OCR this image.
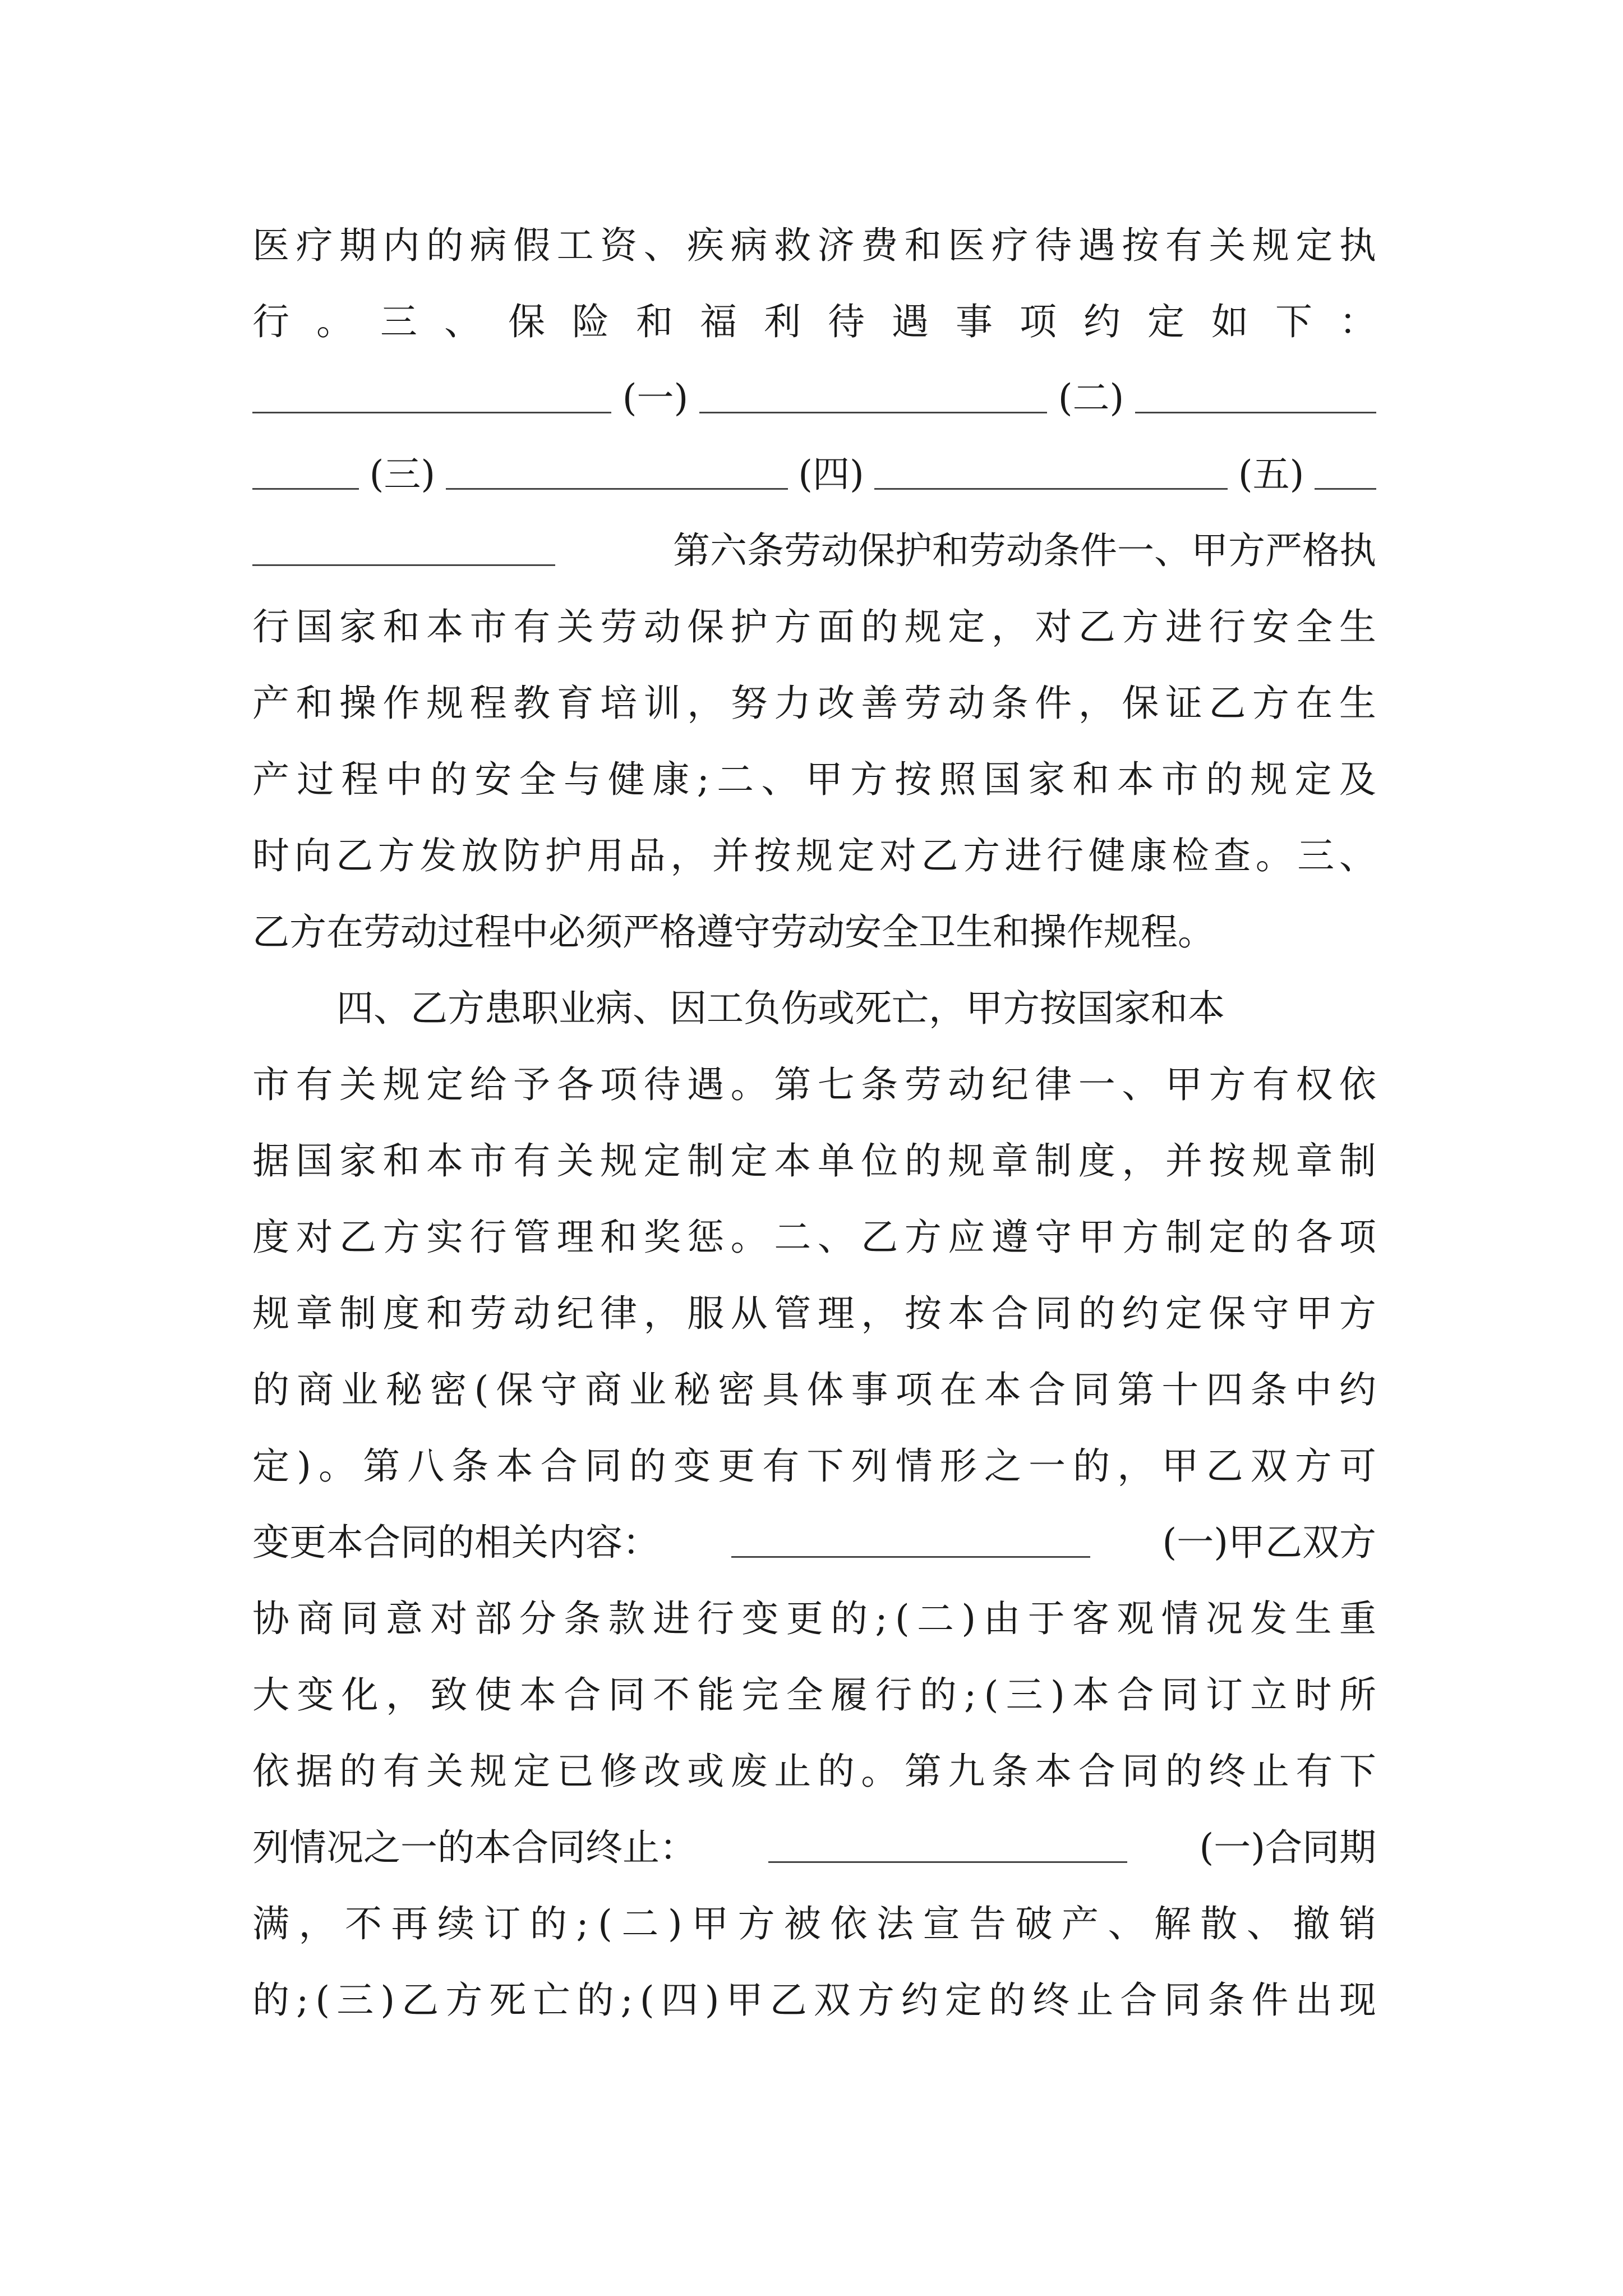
医 疗 期 内 的 病 假 工 资 、 疾 病 救 济 费 和 医 疗 待 遇 按 有 关 规 定 执
行 。 三 、 保 险 和 福 利 待 遇 事 项 约 定 如 下 ：
(一)	(二)
(三)	(四)	(五)
第六条劳动保护和劳动条件一、甲方严格执
行 国 家 和 本 市 有 关 劳 动 保 护 方 面 的 规 定 ， 对 乙 方 进 行 安 全 生
产 和 操 作 规 程 教 育 培 训 ， 努 力 改 善 劳 动 条 件 ， 保 证 乙 方 在 生
产 过 程 中 的 安 全 与 健 康 ; 二 、 甲 方 按 照 国 家 和 本 市 的 规 定 及
时 向 乙 方 发 放 防 护 用 品 ， 并 按 规 定 对 乙 方 进 行 健 康 检 查 。 三 、
乙方在劳动过程中必须严格遵守劳动安全卫生和操作规程。
四、乙方患职业病、因工负伤或死亡，甲方按国家和本
市 有 关 规 定 给 予 各 项 待 遇 。 第 七 条 劳 动 纪 律 一 、 甲 方 有 权 依
据 国 家 和 本 市 有 关 规 定 制 定 本 单 位 的 规 章 制 度 ， 并 按 规 章 制
度 对 乙 方 实 行 管 理 和 奖 惩 。 二 、 乙 方 应 遵 守 甲 方 制 定 的 各 项
规 章 制 度 和 劳 动 纪 律 ， 服 从 管 理 ， 按 本 合 同 的 约 定 保 守 甲 方
的 商 业 秘 密 ( 保 守 商 业 秘 密 具 体 事 项 在 本 合 同 第 十 四 条 中 约
定 ) 。 第 八 条 本 合 同 的 变 更 有 下 列 情 形 之 一 的 ， 甲 乙 双 方 可
变更本合同的相关内容：	(一)甲乙双方
协 商 同 意 对 部 分 条 款 进 行 变 更 的 ; ( 二 ) 由 于 客 观 情 况 发 生 重
大 变 化 ， 致 使 本 合 同 不 能 完 全 履 行 的 ; ( 三 ) 本 合 同 订 立 时 所
依 据 的 有 关 规 定 已 修 改 或 废 止 的 。 第 九 条 本 合 同 的 终 止 有 下
列情况之一的本合同终止：	(一)合同期
满 ， 不 再 续 订 的 ; ( 二 ) 甲 方 被 依 法 宣 告 破 产 、 解 散 、 撤 销
的 ; ( 三 ) 乙 方 死 亡 的 ; ( 四 ) 甲 乙 双 方 约 定 的 终 止 合 同 条 件 出 现
